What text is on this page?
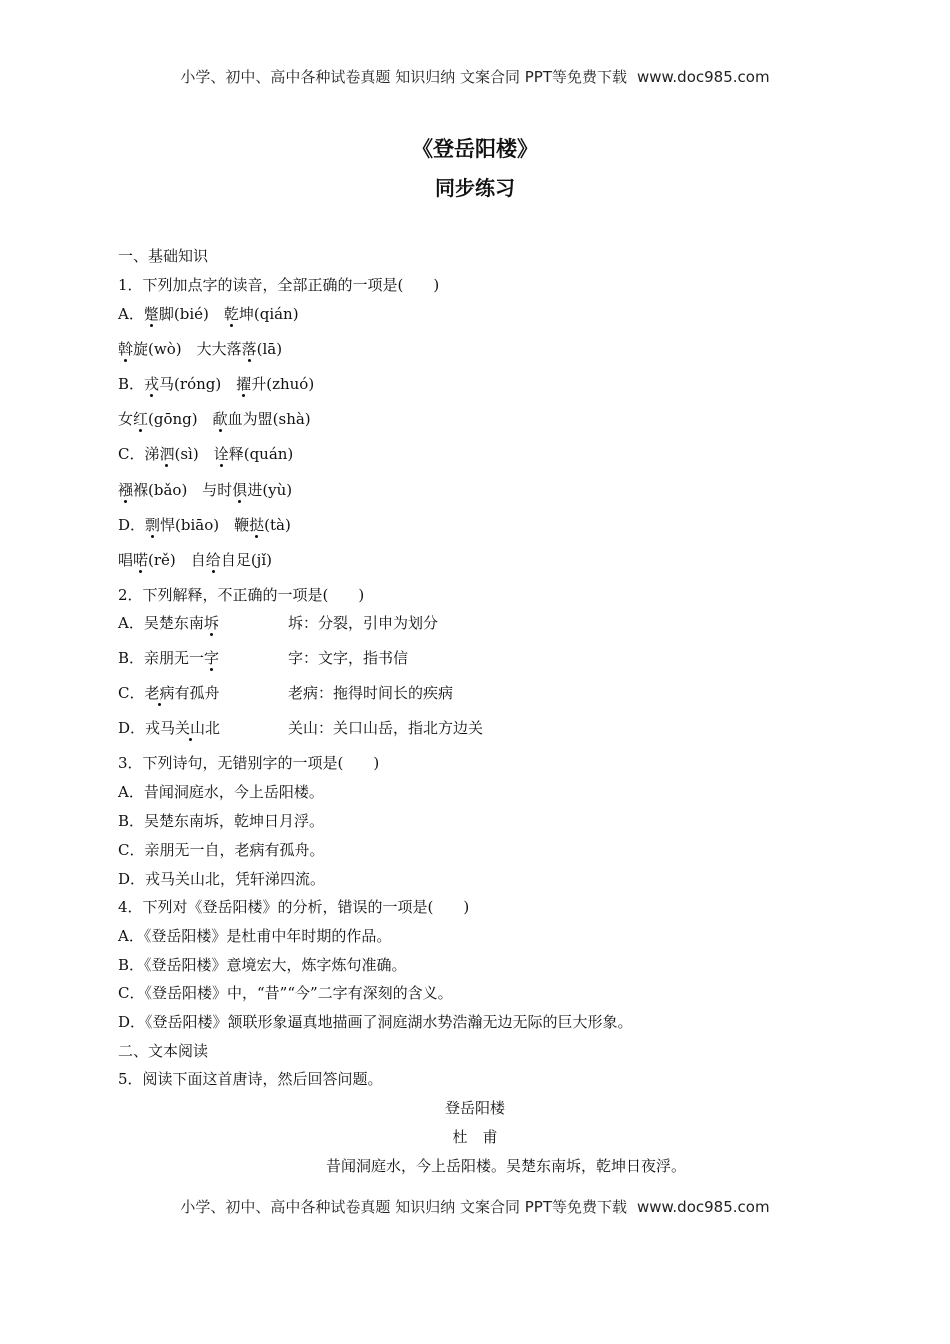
小学、初中、高中各种试卷真题 知识归纳 文案合同 PPT等免费下载 www.doc985.com
《登岳阳楼》
同步练习
一、基础知识
1．下列加点字的读音，全部正确的一项是(　　)
A．蹩脚(bié)　乾坤(qián)
斡旋(wò)　大大落落(lā)
B．戎马(róng)　擢升(zhuó)
女红(gōng)　歃血为盟(shà)
C．涕泗(sì)　诠释(quán)
襁褓(bǎo)　与时俱进(yù)
D．剽悍(biāo)　鞭挞(tà)
唱喏(rě)　自给自足(jǐ)
2．下列解释，不正确的一项是(　　)
A．吴楚东南坼	坼：分裂，引申为划分
B．亲朋无一字	字：文字，指书信
C．老病有孤舟	老病：拖得时间长的疾病
D．戎马关山北	关山：关口山岳，指北方边关
3．下列诗句，无错别字的一项是(　　)
A．昔闻洞庭水，今上岳阳楼。
B．吴楚东南坼，乾坤日月浮。
C．亲朋无一自，老病有孤舟。
D．戎马关山北，凭轩涕四流。
4．下列对《登岳阳楼》的分析，错误的一项是(　　)
A．《登岳阳楼》是杜甫中年时期的作品。
B．《登岳阳楼》意境宏大，炼字炼句准确。
C．《登岳阳楼》中，“昔”“今”二字有深刻的含义。
D．《登岳阳楼》颔联形象逼真地描画了洞庭湖水势浩瀚无边无际的巨大形象。
二、文本阅读
5．阅读下面这首唐诗，然后回答问题。
登岳阳楼
杜　甫
昔闻洞庭水，今上岳阳楼。吴楚东南坼，乾坤日夜浮。
小学、初中、高中各种试卷真题 知识归纳 文案合同 PPT等免费下载 www.doc985.com
